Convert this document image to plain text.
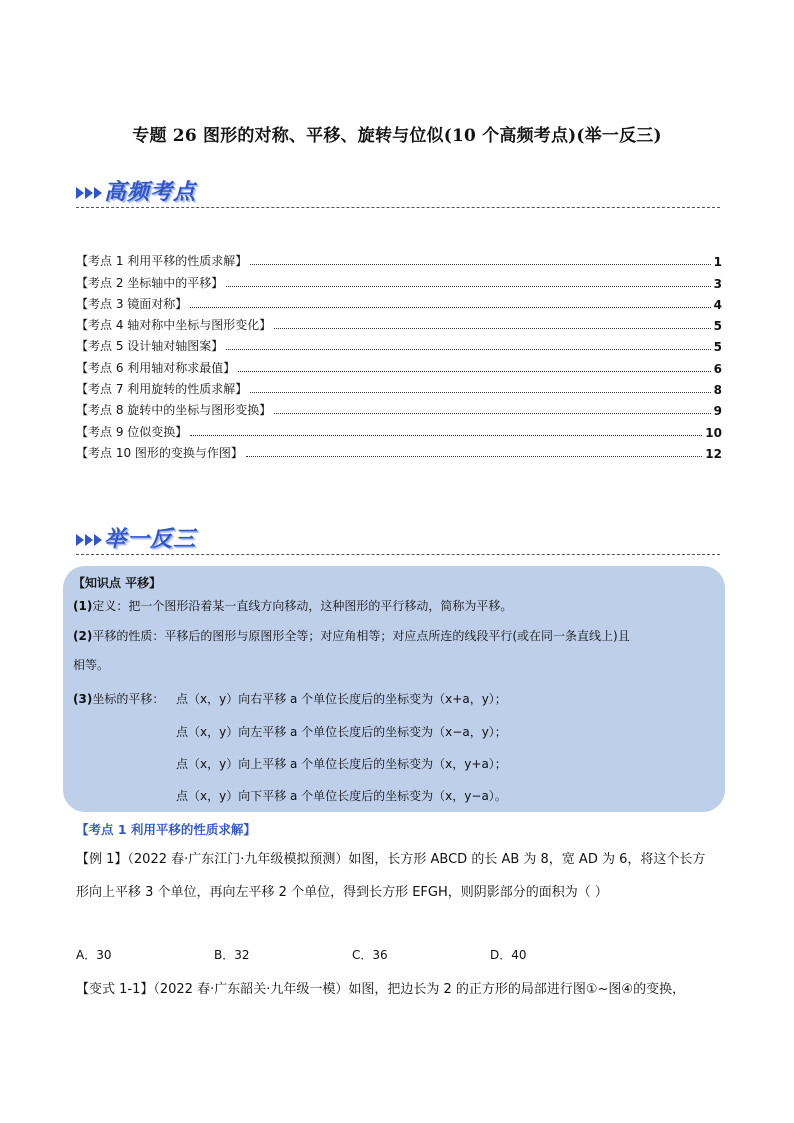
专题 26 图形的对称、平移、旋转与位似(10 个高频考点)(举一反三)
高频考点
【考点 1 利用平移的性质求解】	1
【考点 2 坐标轴中的平移】	3
【考点 3 镜面对称】	4
【考点 4 轴对称中坐标与图形变化】	5
【考点 5 设计轴对轴图案】	5
【考点 6 利用轴对称求最值】	6
【考点 7 利用旋转的性质求解】	8
【考点 8 旋转中的坐标与图形变换】	9
【考点 9 位似变换】	10
【考点 10 图形的变换与作图】	12
举一反三
【知识点 平移】
(1)定义：把一个图形沿着某一直线方向移动，这种图形的平行移动，简称为平移。
(2)平移的性质：平移后的图形与原图形全等；对应角相等；对应点所连的线段平行(或在同一条直线上)且
相等。
(3)坐标的平移： 点（x，y）向右平移 a 个单位长度后的坐标变为（x+a，y）；
点（x，y）向左平移 a 个单位长度后的坐标变为（x−a，y）；
点（x，y）向上平移 a 个单位长度后的坐标变为（x，y+a）；
点（x，y）向下平移 a 个单位长度后的坐标变为（x，y−a）。
【考点 1 利用平移的性质求解】
【例 1】（2022 春·广东江门·九年级模拟预测）如图，长方形 ABCD 的长 AB 为 8，宽 AD 为 6，将这个长方
形向上平移 3 个单位，再向左平移 2 个单位，得到长方形 EFGH，则阴影部分的面积为（ ）
A．30	B．32	C．36	D．40
【变式 1-1】（2022 春·广东韶关·九年级一模）如图，把边长为 2 的正方形的局部进行图①~图④的变换，
